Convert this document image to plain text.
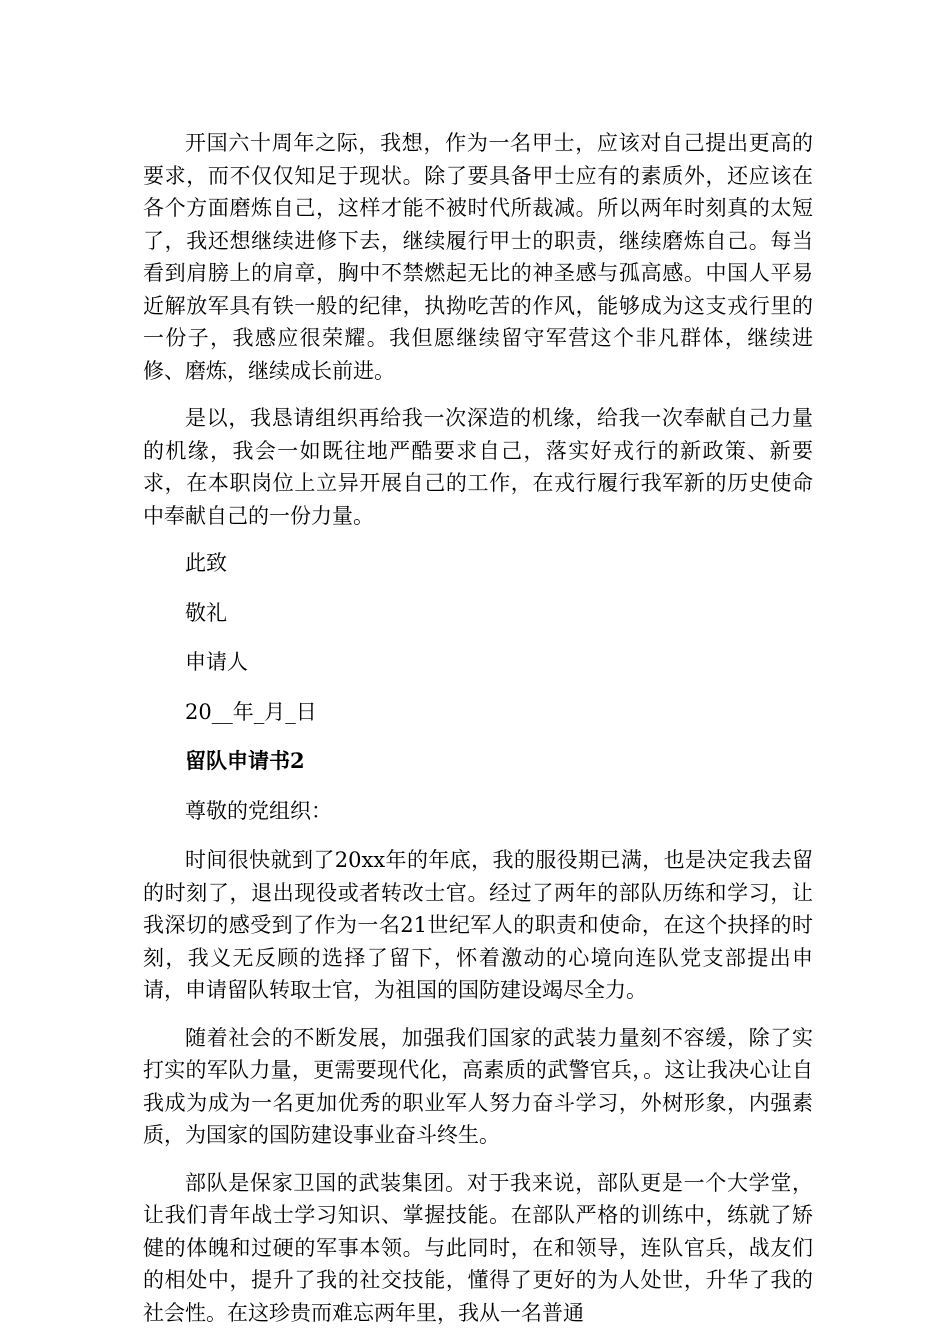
开国六十周年之际，我想，作为一名甲士，应该对自己提出更高的要求，而不仅仅知足于现状。除了要具备甲士应有的素质外，还应该在各个方面磨炼自己，这样才能不被时代所裁减。所以两年时刻真的太短了，我还想继续进修下去，继续履行甲士的职责，继续磨炼自己。每当看到肩膀上的肩章，胸中不禁燃起无比的神圣感与孤高感。中国人平易近解放军具有铁一般的纪律，执拗吃苦的作风，能够成为这支戎行里的一份子，我感应很荣耀。我但愿继续留守军营这个非凡群体，继续进修、磨炼，继续成长前进。

是以，我恳请组织再给我一次深造的机缘，给我一次奉献自己力量的机缘，我会一如既往地严酷要求自己，落实好戎行的新政策、新要求，在本职岗位上立异开展自己的工作，在戎行履行我军新的历史使命中奉献自己的一份力量。

此致

敬礼

申请人

20__年_月_日

留队申请书2

尊敬的党组织：

时间很快就到了20xx年的年底，我的服役期已满，也是决定我去留的时刻了，退出现役或者转改士官。经过了两年的部队历练和学习，让我深切的感受到了作为一名21世纪军人的职责和使命，在这个抉择的时刻，我义无反顾的选择了留下，怀着激动的心境向连队党支部提出申请，申请留队转取士官，为祖国的国防建设竭尽全力。

随着社会的不断发展，加强我们国家的武装力量刻不容缓，除了实打实的军队力量，更需要现代化，高素质的武警官兵，。这让我决心让自我成为成为一名更加优秀的职业军人努力奋斗学习，外树形象，内强素质，为国家的国防建设事业奋斗终生。

部队是保家卫国的武装集团。对于我来说，部队更是一个大学堂，让我们青年战士学习知识、掌握技能。在部队严格的训练中，练就了矫健的体魄和过硬的军事本领。与此同时，在和领导，连队官兵，战友们的相处中，提升了我的社交技能，懂得了更好的为人处世，升华了我的社会性。在这珍贵而难忘两年里，我从一名普通
